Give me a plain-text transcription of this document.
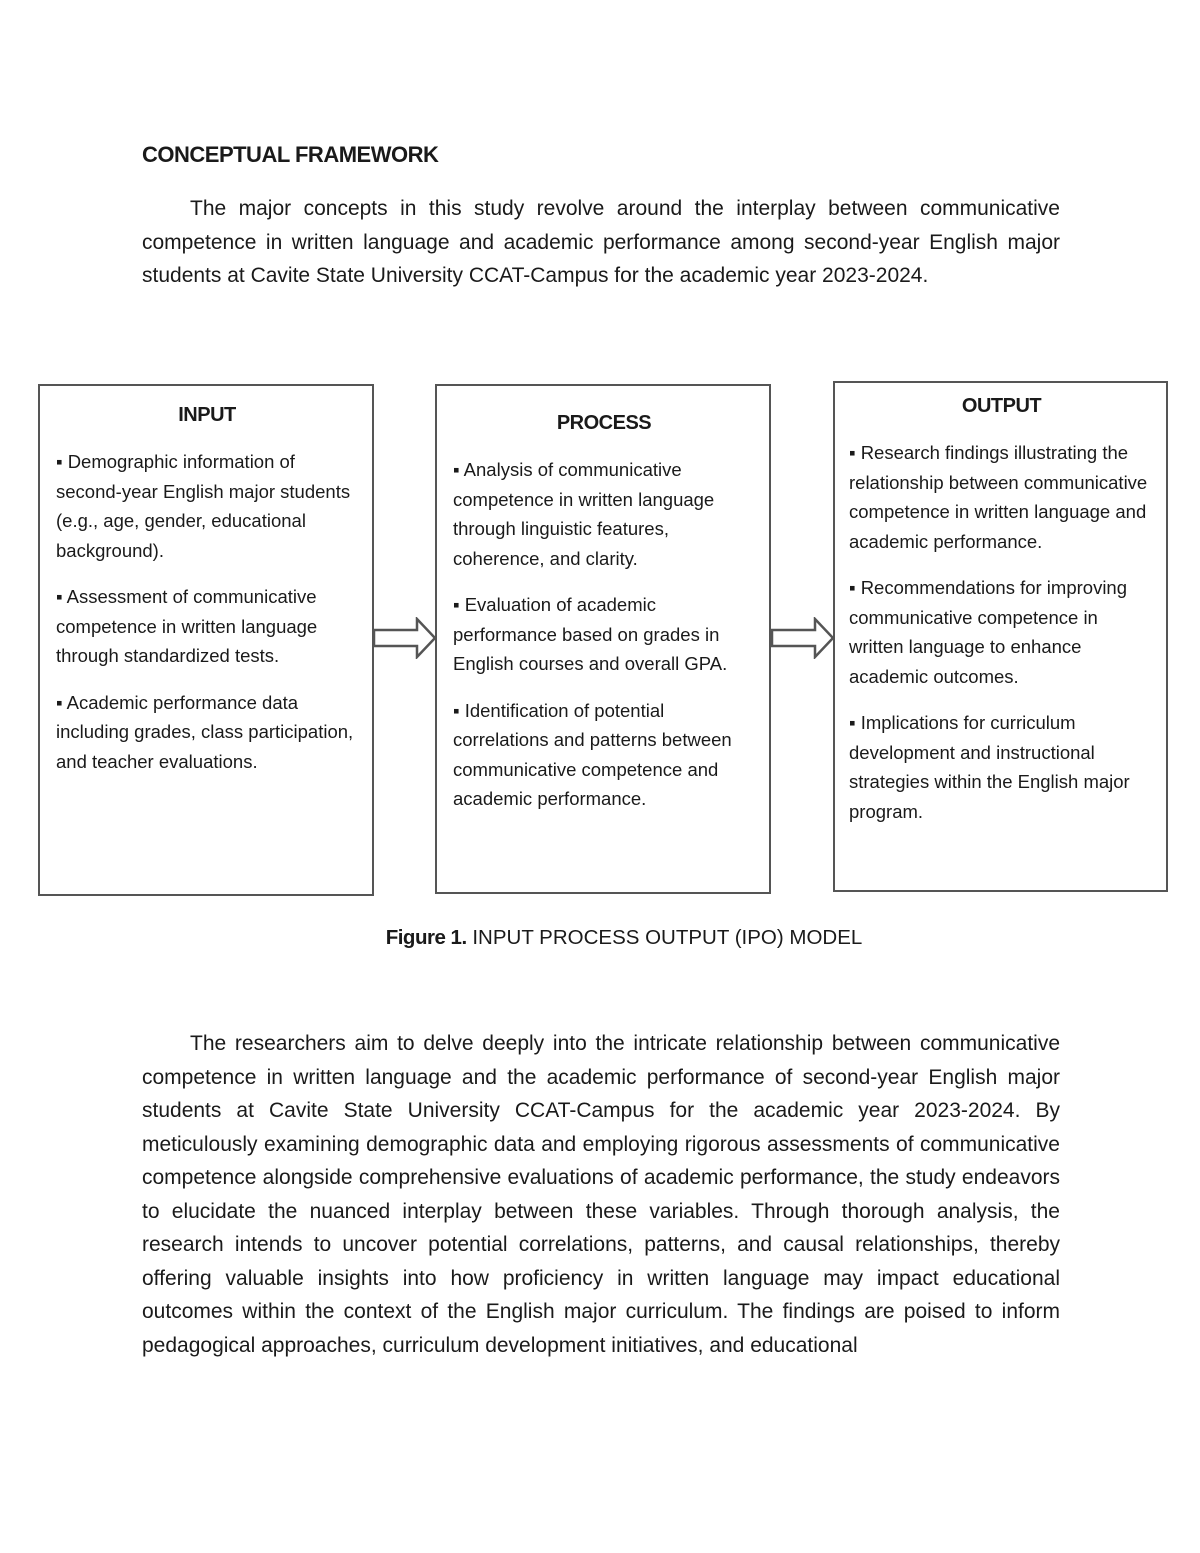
CONCEPTUAL FRAMEWORK

The major concepts in this study revolve around the interplay between communicative competence in written language and academic performance among second-year English major students at Cavite State University CCAT-Campus for the academic year 2023-2024.

INPUT

▪ Demographic information of second-year English major students (e.g., age, gender, educational background).

▪ Assessment of communicative competence in written language through standardized tests.

▪ Academic performance data including grades, class participation, and teacher evaluations.

PROCESS

▪ Analysis of communicative competence in written language through linguistic features, coherence, and clarity.

▪ Evaluation of academic performance based on grades in English courses and overall GPA.

▪ Identification of potential correlations and patterns between communicative competence and academic performance.

OUTPUT

▪ Research findings illustrating the relationship between communicative competence in written language and academic performance.

▪ Recommendations for improving communicative competence in written language to enhance academic outcomes.

▪ Implications for curriculum development and instructional strategies within the English major program.

Figure 1. INPUT PROCESS OUTPUT (IPO) MODEL

The researchers aim to delve deeply into the intricate relationship between communicative competence in written language and the academic performance of second-year English major students at Cavite State University CCAT-Campus for the academic year 2023-2024. By meticulously examining demographic data and employing rigorous assessments of communicative competence alongside comprehensive evaluations of academic performance, the study endeavors to elucidate the nuanced interplay between these variables. Through thorough analysis, the research intends to uncover potential correlations, patterns, and causal relationships, thereby offering valuable insights into how proficiency in written language may impact educational outcomes within the context of the English major curriculum. The findings are poised to inform pedagogical approaches, curriculum development initiatives, and educational
